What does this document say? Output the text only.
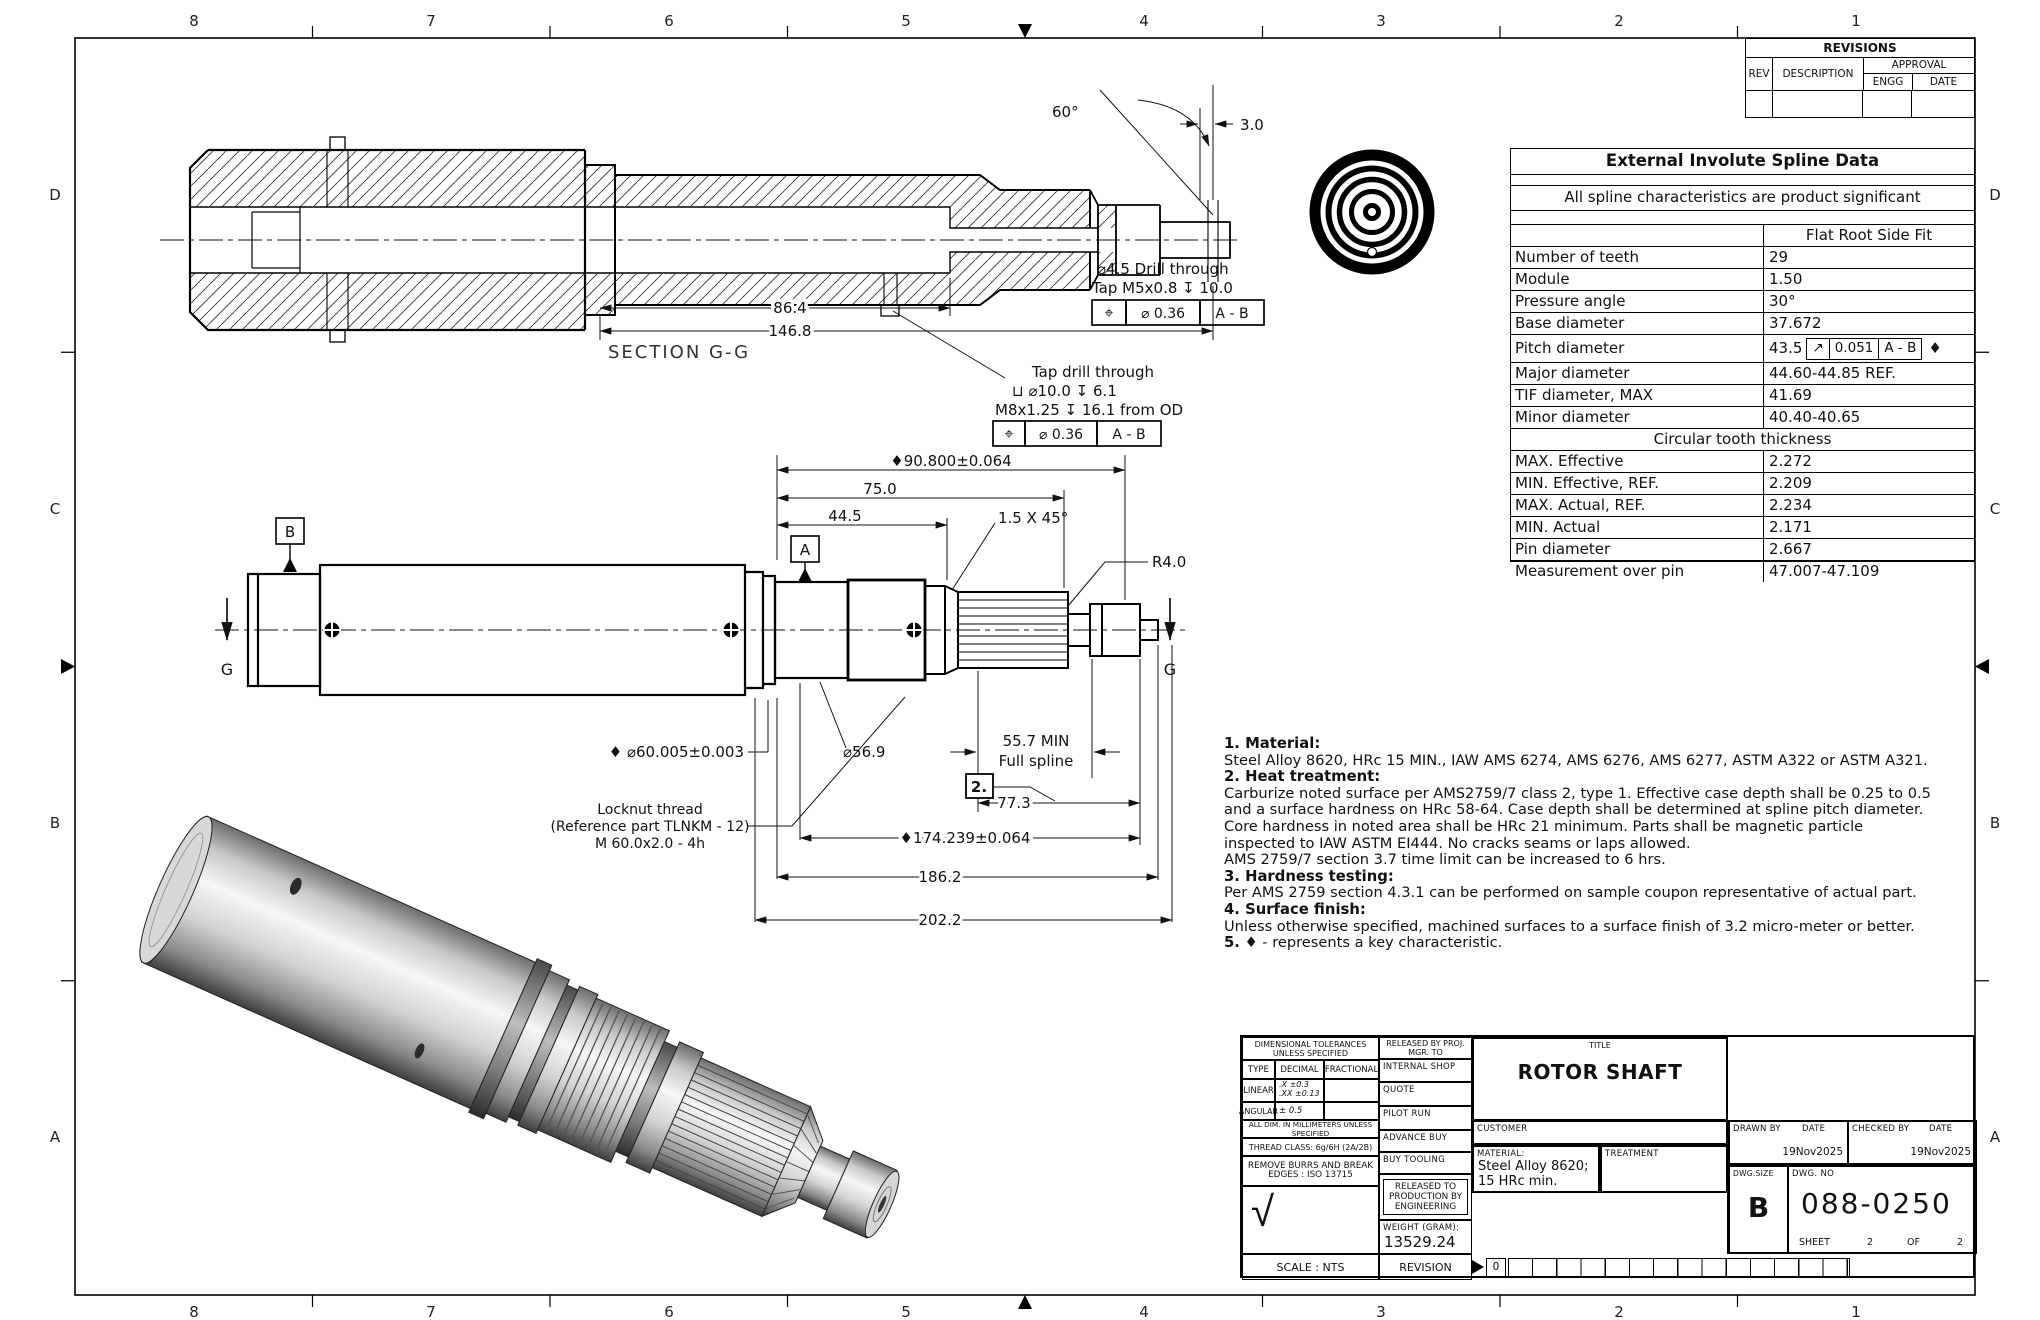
8	7	6	5	4	3	2	1
8	7	6	5	4	3	2	1
D
C
B
A
D
C
B
A
60°
3.0
86.4
146.8
SECTION G-G
⌀4.5 Drill through
Tap M5x0.8 ↧ 10.0
⌖ ⌀ 0.36 A - B
Tap drill through
⊔ ⌀10.0 ↧ 6.1
M8x1.25 ↧ 16.1 from OD
⌖ ⌀ 0.36 A - B
B
A
G	G
♦90.800±0.064
75.0
44.5	1.5 X 45°
R4.0
♦ ⌀60.005±0.003	⌀56.9
55.7 MIN
Full spline
2.
77.3
Locknut thread
(Reference part TLNKM - 12)
M 60.0x2.0 - 4h	♦174.239±0.064
186.2
202.2
REVISIONS
REV	DESCRIPTION
APPROVAL
ENGG	DATE
External Involute Spline Data
All spline characteristics are product significant
Flat Root Side Fit
Number of teeth	29
Module	1.50
Pressure angle	30°
Base diameter	37.672
Pitch diameter	43.5 ↗ 0.051 A - B ♦
Major diameter	44.60-44.85 REF.
TIF diameter, MAX	41.69
Minor diameter	40.40-40.65
Circular tooth thickness
MAX. Effective	2.272
MIN. Effective, REF.	2.209
MAX. Actual, REF.	2.234
MIN. Actual	2.171
Pin diameter	2.667
Measurement over pin	47.007-47.109
1. Material:
Steel Alloy 8620, HRc 15 MIN., IAW AMS 6274, AMS 6276, AMS 6277, ASTM A322 or ASTM A321.
2. Heat treatment:
Carburize noted surface per AMS2759/7 class 2, type 1. Effective case depth shall be 0.25 to 0.5 and a surface hardness on HRc 58-64. Case depth shall be determined at spline pitch diameter. Core hardness in noted area shall be HRc 21 minimum. Parts shall be magnetic particle inspected to IAW ASTM EI444. No cracks seams or laps allowed.
AMS 2759/7 section 3.7 time limit can be increased to 6 hrs.
3. Hardness testing:
Per AMS 2759 section 4.3.1 can be performed on sample coupon representative of actual part.
4. Surface finish:
Unless otherwise specified, machined surfaces to a surface finish of 3.2 micro-meter or better.
5. ♦ - represents a key characteristic.
DIMENSIONAL TOLERANCES UNLESS SPECIFIED
TYPE	DECIMAL FRACTIONAL
LINEAR
.X ±0.3
.XX ±0.13
ANGULAR ± 0.5
ALL DIM. IN MILLIMETERS UNLESS SPECIFIED
THREAD CLASS: 6g/6H (2A/2B)
REMOVE BURRS AND BREAK EDGES : ISO 13715
√
SCALE : NTS
RELEASED BY PROJ. MGR. TO
INTERNAL SHOP
QUOTE
PILOT RUN
ADVANCE BUY
BUY TOOLING
RELEASED TO PRODUCTION BY ENGINEERING
WEIGHT (GRAM):
13529.24
REVISION
TITLE
ROTOR SHAFT
CUSTOMER
MATERIAL:
Steel Alloy 8620;
15 HRc min.
TREATMENT
DRAWN BY DATE
19Nov2025
CHECKED BY DATE
19Nov2025
DWG.SIZE
B
DWG. NO
088-0250
SHEET	2	OF	2
0
